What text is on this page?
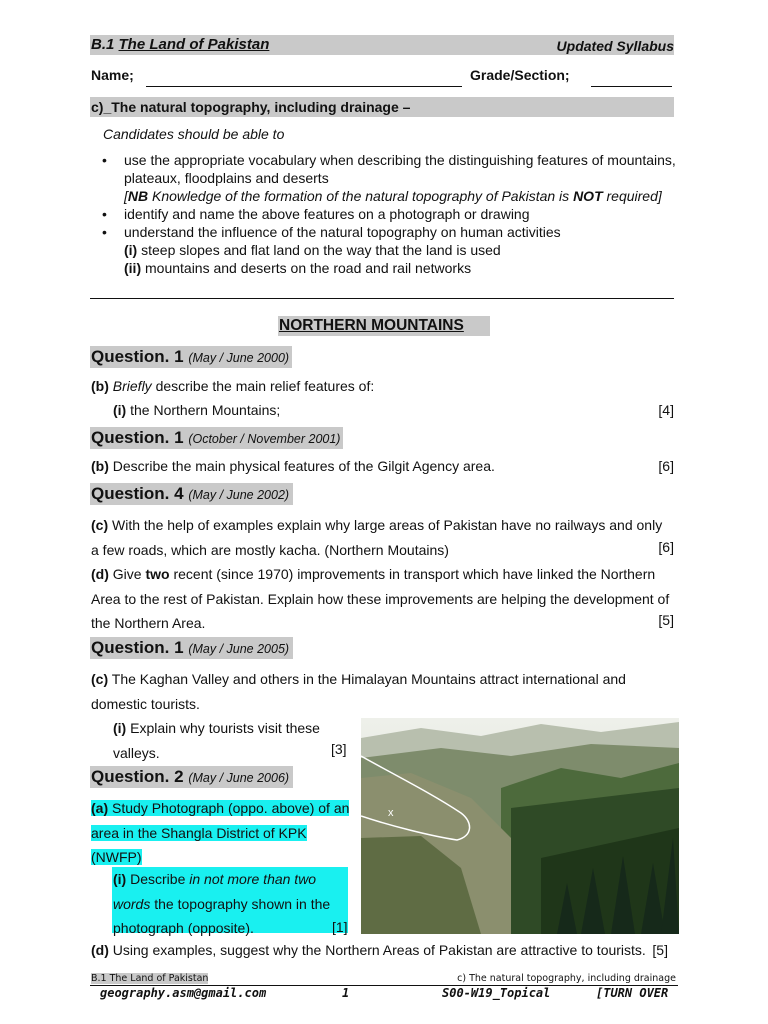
B.1 The Land of Pakistan	Updated Syllabus
Name;	Grade/Section;
c)_The natural topography, including drainage –
Candidates should be able to
• use the appropriate vocabulary when describing the distinguishing features of mountains,
plateaux, floodplains and deserts
[NB Knowledge of the formation of the natural topography of Pakistan is NOT required]
• identify and name the above features on a photograph or drawing
• understand the influence of the natural topography on human activities
(i) steep slopes and flat land on the way that the land is used
(ii) mountains and deserts on the road and rail networks
NORTHERN MOUNTAINS
Question. 1 (May / June 2000)
(b) Briefly describe the main relief features of:
(i) the Northern Mountains;	[4]
Question. 1 (October / November 2001)
(b) Describe the main physical features of the Gilgit Agency area.	[6]
Question. 4 (May / June 2002)
(c) With the help of examples explain why large areas of Pakistan have no railways and only
a few roads, which are mostly kacha. (Northern Moutains)
(d) Give two recent (since 1970) improvements in transport which have linked the Northern
Area to the rest of Pakistan. Explain how these improvements are helping the development of
the Northern Area.
[6]
[5]
Question. 1 (May / June 2005)
(c) The Kaghan Valley and others in the Himalayan Mountains attract international and
domestic tourists.
(i) Explain why tourists visit these
valleys.	[3]
x
Question. 2 (May / June 2006)
(a) Study Photograph (oppo. above) of an
area in the Shangla District of KPK
(NWFP)
(i) Describe in not more than two
words the topography shown in the
photograph (opposite).	[1]
(d) Using examples, suggest why the Northern Areas of Pakistan are attractive to tourists. [5]
B.1 The Land of Pakistan	c) The natural topography, including drainage
geography.asm@gmail.com	1	S00-W19_Topical	[TURN OVER
